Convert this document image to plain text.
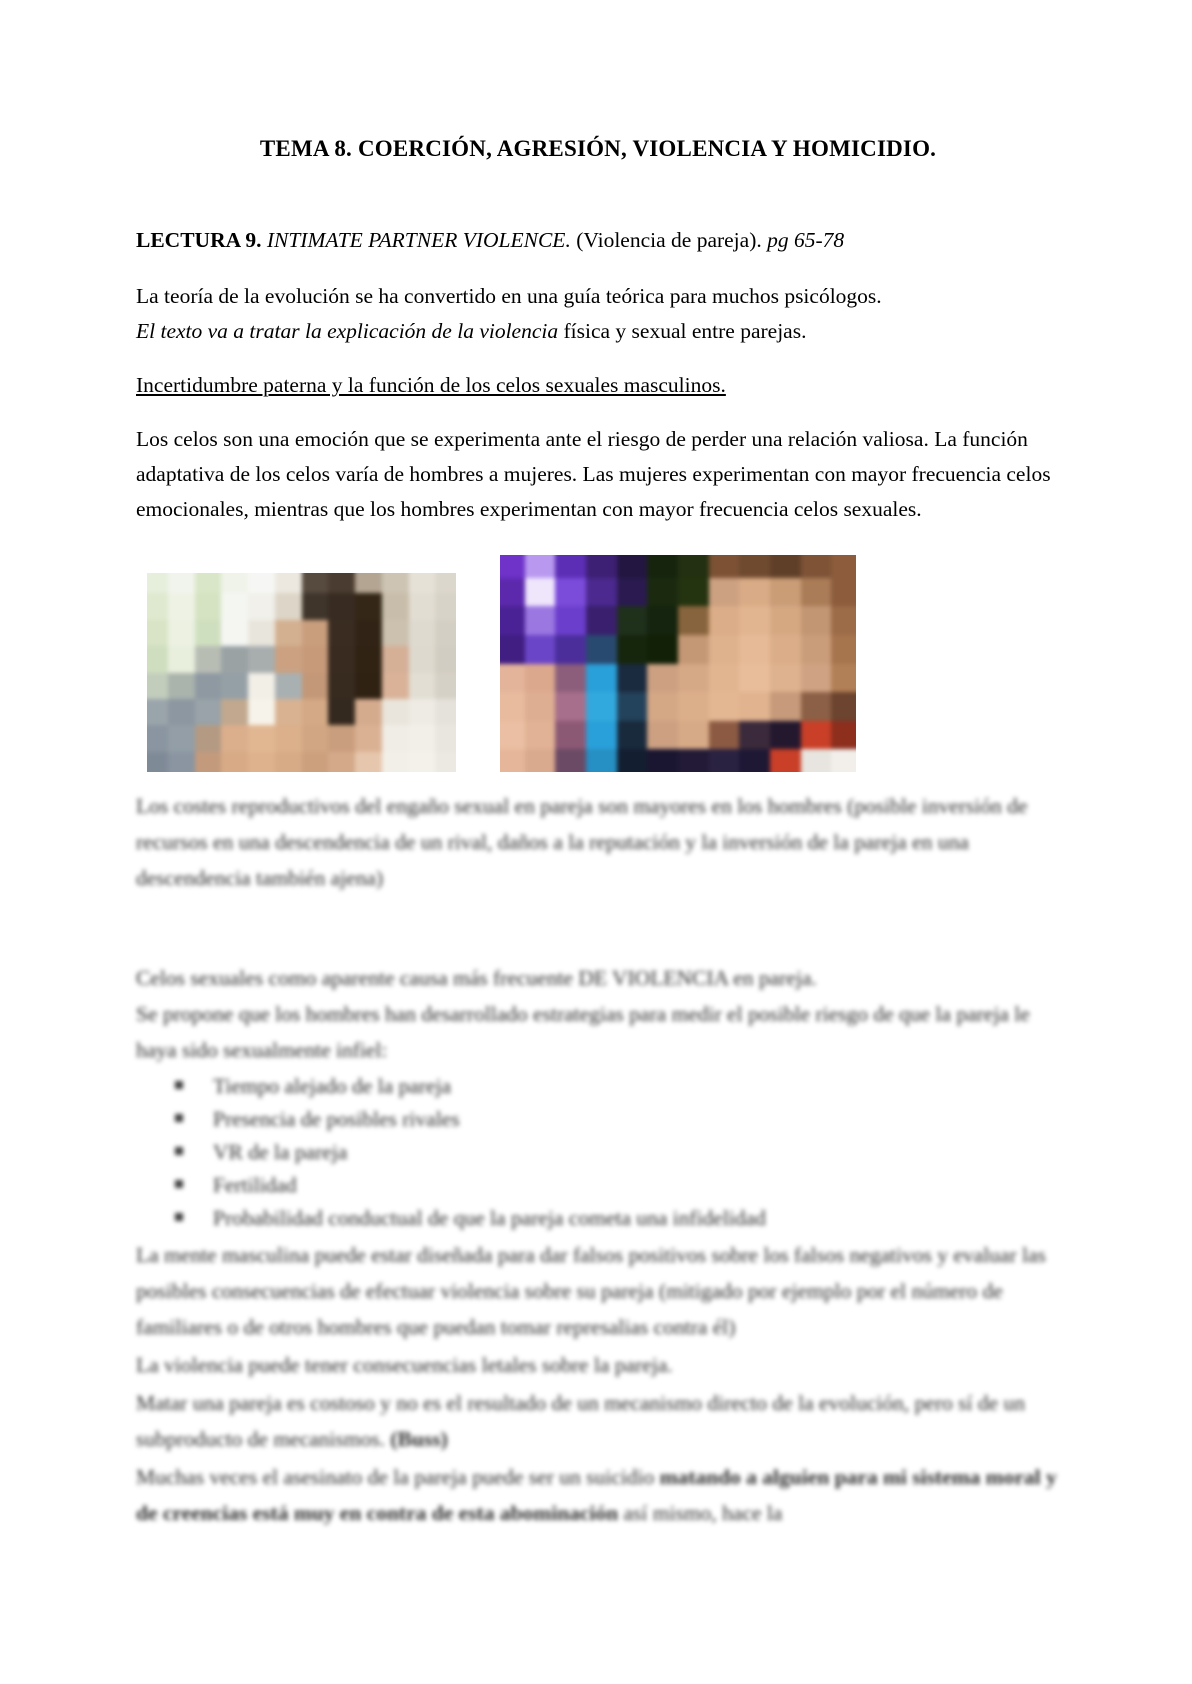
TEMA 8. COERCIÓN, AGRESIÓN, VIOLENCIA Y HOMICIDIO.
LECTURA 9. INTIMATE PARTNER VIOLENCE. (Violencia de pareja). pg 65-78
La teoría de la evolución se ha convertido en una guía teórica para muchos psicólogos.
El texto va a tratar la explicación de la violencia física y sexual entre parejas.
Incertidumbre paterna y la función de los celos sexuales masculinos.
Los celos son una emoción que se experimenta ante el riesgo de perder una relación valiosa. La función adaptativa de los celos varía de hombres a mujeres. Las mujeres experimentan con mayor frecuencia celos emocionales, mientras que los hombres experimentan con mayor frecuencia celos sexuales.
Los costes reproductivos del engaño sexual en pareja son mayores en los hombres (posible inversión de recursos en una descendencia de un rival, daños a la reputación y la inversión de la pareja en una descendencia también ajena)
Celos sexuales como aparente causa más frecuente DE VIOLENCIA en pareja.
Se propone que los hombres han desarrollado estrategias para medir el posible riesgo de que la pareja le haya sido sexualmente infiel:
Tiempo alejado de la pareja
Presencia de posibles rivales
VR de la pareja
Fertilidad
Probabilidad conductual de que la pareja cometa una infidelidad
La mente masculina puede estar diseñada para dar falsos positivos sobre los falsos negativos y evaluar las posibles consecuencias de efectuar violencia sobre su pareja (mitigado por ejemplo por el número de familiares o de otros hombres que puedan tomar represalias contra él)
La violencia puede tener consecuencias letales sobre la pareja.
Matar una pareja es costoso y no es el resultado de un mecanismo directo de la evolución, pero sí de un subproducto de mecanismos. (Buss)
Muchas veces el asesinato de la pareja puede ser un suicidio matando a alguien para mi sistema moral y de creencias está muy en contra de esta abominación así mismo, hace la
